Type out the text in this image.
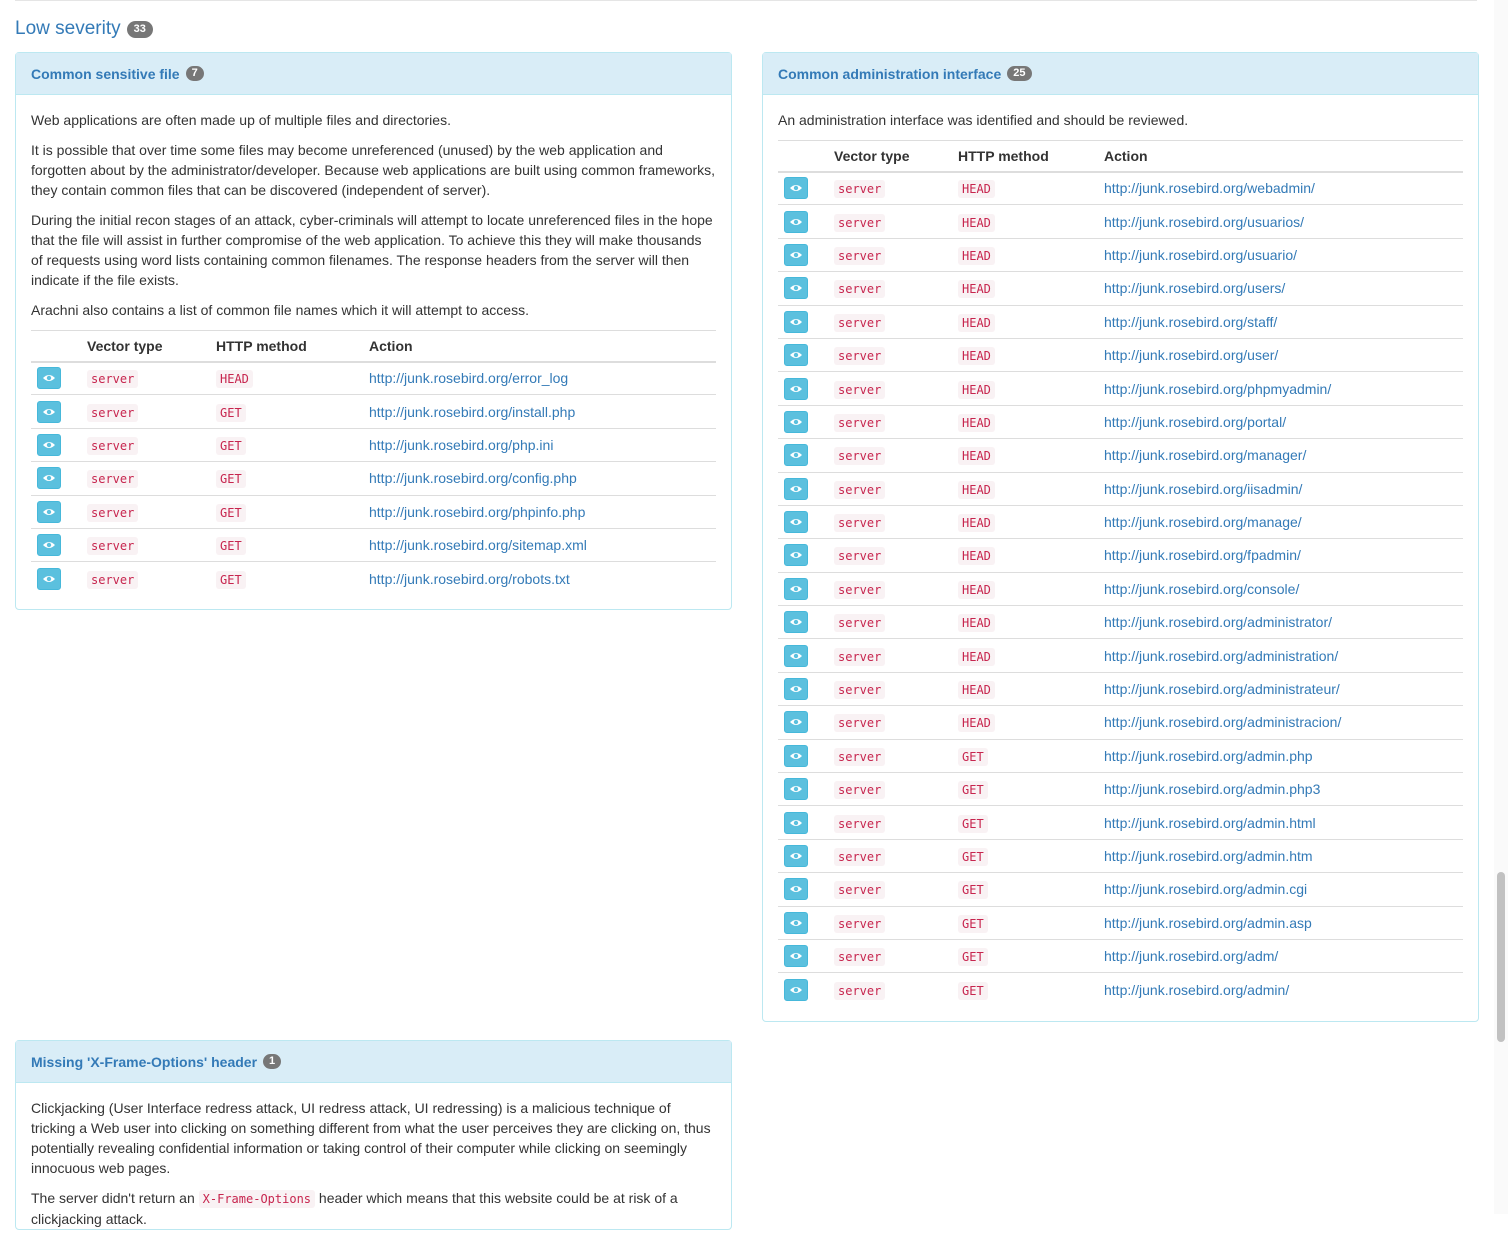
Low severity	33
Common sensitive file	7

Web applications are often made up of multiple files and directories.

It is possible that over time some files may become unreferenced (unused) by the web application and forgotten about by the administrator/developer. Because web applications are built using common frameworks, they contain common files that can be discovered (independent of server).

During the initial recon stages of an attack, cyber-criminals will attempt to locate unreferenced files in the hope that the file will assist in further compromise of the web application. To achieve this they will make thousands of requests using word lists containing common filenames. The response headers from the server will then indicate if the file exists.

Arachni also contains a list of common file names which it will attempt to access.

	Vector type	HTTP method	Action

	server	HEAD	http://junk.rosebird.org/error_log

	server	GET	http://junk.rosebird.org/install.php

	server	GET	http://junk.rosebird.org/php.ini

	server	GET	http://junk.rosebird.org/config.php

	server	GET	http://junk.rosebird.org/phpinfo.php

	server	GET	http://junk.rosebird.org/sitemap.xml

	server	GET	http://junk.rosebird.org/robots.txt
Common administration interface	25

An administration interface was identified and should be reviewed.

	Vector type	HTTP method	Action

	server	HEAD	http://junk.rosebird.org/webadmin/

	server	HEAD	http://junk.rosebird.org/usuarios/

	server	HEAD	http://junk.rosebird.org/usuario/

	server	HEAD	http://junk.rosebird.org/users/

	server	HEAD	http://junk.rosebird.org/staff/

	server	HEAD	http://junk.rosebird.org/user/

	server	HEAD	http://junk.rosebird.org/phpmyadmin/

	server	HEAD	http://junk.rosebird.org/portal/

	server	HEAD	http://junk.rosebird.org/manager/

	server	HEAD	http://junk.rosebird.org/iisadmin/

	server	HEAD	http://junk.rosebird.org/manage/

	server	HEAD	http://junk.rosebird.org/fpadmin/

	server	HEAD	http://junk.rosebird.org/console/

	server	HEAD	http://junk.rosebird.org/administrator/

	server	HEAD	http://junk.rosebird.org/administration/

	server	HEAD	http://junk.rosebird.org/administrateur/

	server	HEAD	http://junk.rosebird.org/administracion/

	server	GET	http://junk.rosebird.org/admin.php

	server	GET	http://junk.rosebird.org/admin.php3

	server	GET	http://junk.rosebird.org/admin.html

	server	GET	http://junk.rosebird.org/admin.htm

	server	GET	http://junk.rosebird.org/admin.cgi

	server	GET	http://junk.rosebird.org/admin.asp

	server	GET	http://junk.rosebird.org/adm/

	server	GET	http://junk.rosebird.org/admin/
Missing 'X-Frame-Options' header	1

Clickjacking (User Interface redress attack, UI redress attack, UI redressing) is a malicious technique of tricking a Web user into clicking on something different from what the user perceives they are clicking on, thus potentially revealing confidential information or taking control of their computer while clicking on seemingly innocuous web pages.

The server didn't return an X-Frame-Options header which means that this website could be at risk of a clickjacking attack.
